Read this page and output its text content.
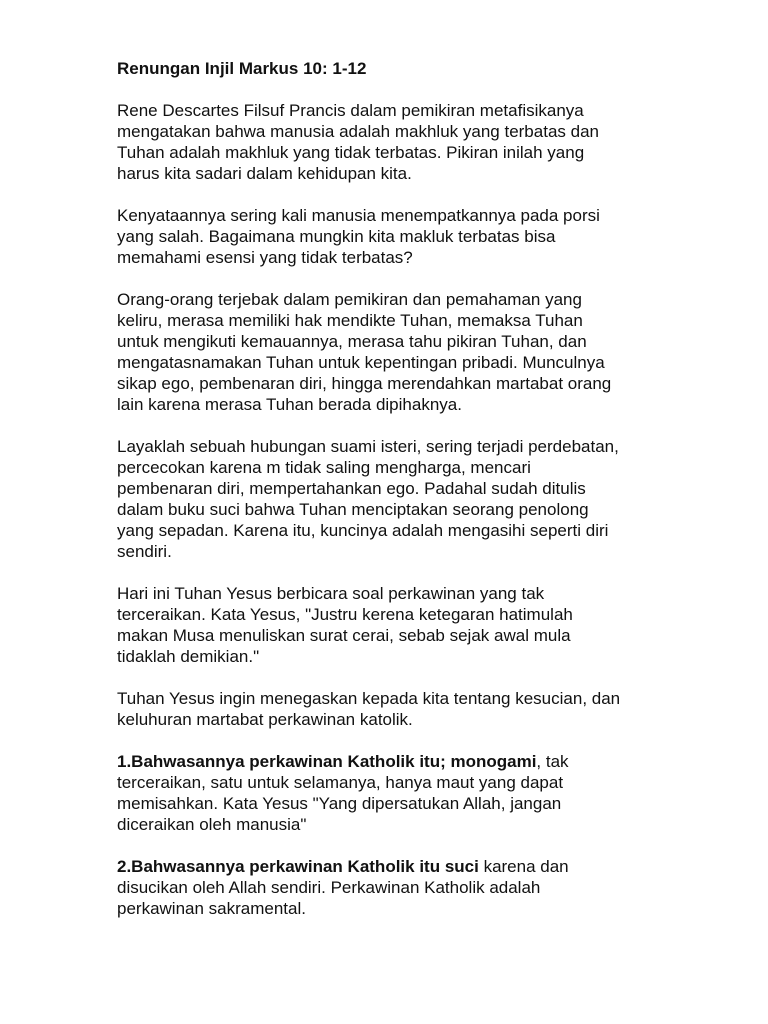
Renungan Injil Markus 10: 1-12
Rene Descartes Filsuf Prancis dalam pemikiran metafisikanya
mengatakan bahwa manusia adalah makhluk yang terbatas dan
Tuhan adalah makhluk yang tidak terbatas. Pikiran inilah yang
harus kita sadari dalam kehidupan kita.
Kenyataannya sering kali manusia menempatkannya pada porsi
yang salah. Bagaimana mungkin kita makluk terbatas bisa
memahami esensi yang tidak terbatas?
Orang-orang terjebak dalam pemikiran dan pemahaman yang
keliru, merasa memiliki hak mendikte Tuhan, memaksa Tuhan
untuk mengikuti kemauannya, merasa tahu pikiran Tuhan, dan
mengatasnamakan Tuhan untuk kepentingan pribadi. Munculnya
sikap ego, pembenaran diri, hingga merendahkan martabat orang
lain karena merasa Tuhan berada dipihaknya.
Layaklah sebuah hubungan suami isteri, sering terjadi perdebatan,
percecokan karena m tidak saling mengharga, mencari
pembenaran diri, mempertahankan ego. Padahal sudah ditulis
dalam buku suci bahwa Tuhan menciptakan seorang penolong
yang sepadan. Karena itu, kuncinya adalah mengasihi seperti diri
sendiri.
Hari ini Tuhan Yesus berbicara soal perkawinan yang tak
terceraikan. Kata Yesus, "Justru kerena ketegaran hatimulah
makan Musa menuliskan surat cerai, sebab sejak awal mula
tidaklah demikian."
Tuhan Yesus ingin menegaskan kepada kita tentang kesucian, dan
keluhuran martabat perkawinan katolik.
1.Bahwasannya perkawinan Katholik itu; monogami, tak
terceraikan, satu untuk selamanya, hanya maut yang dapat
memisahkan. Kata Yesus "Yang dipersatukan Allah, jangan
diceraikan oleh manusia"
2.Bahwasannya perkawinan Katholik itu suci karena dan
disucikan oleh Allah sendiri. Perkawinan Katholik adalah
perkawinan sakramental.
